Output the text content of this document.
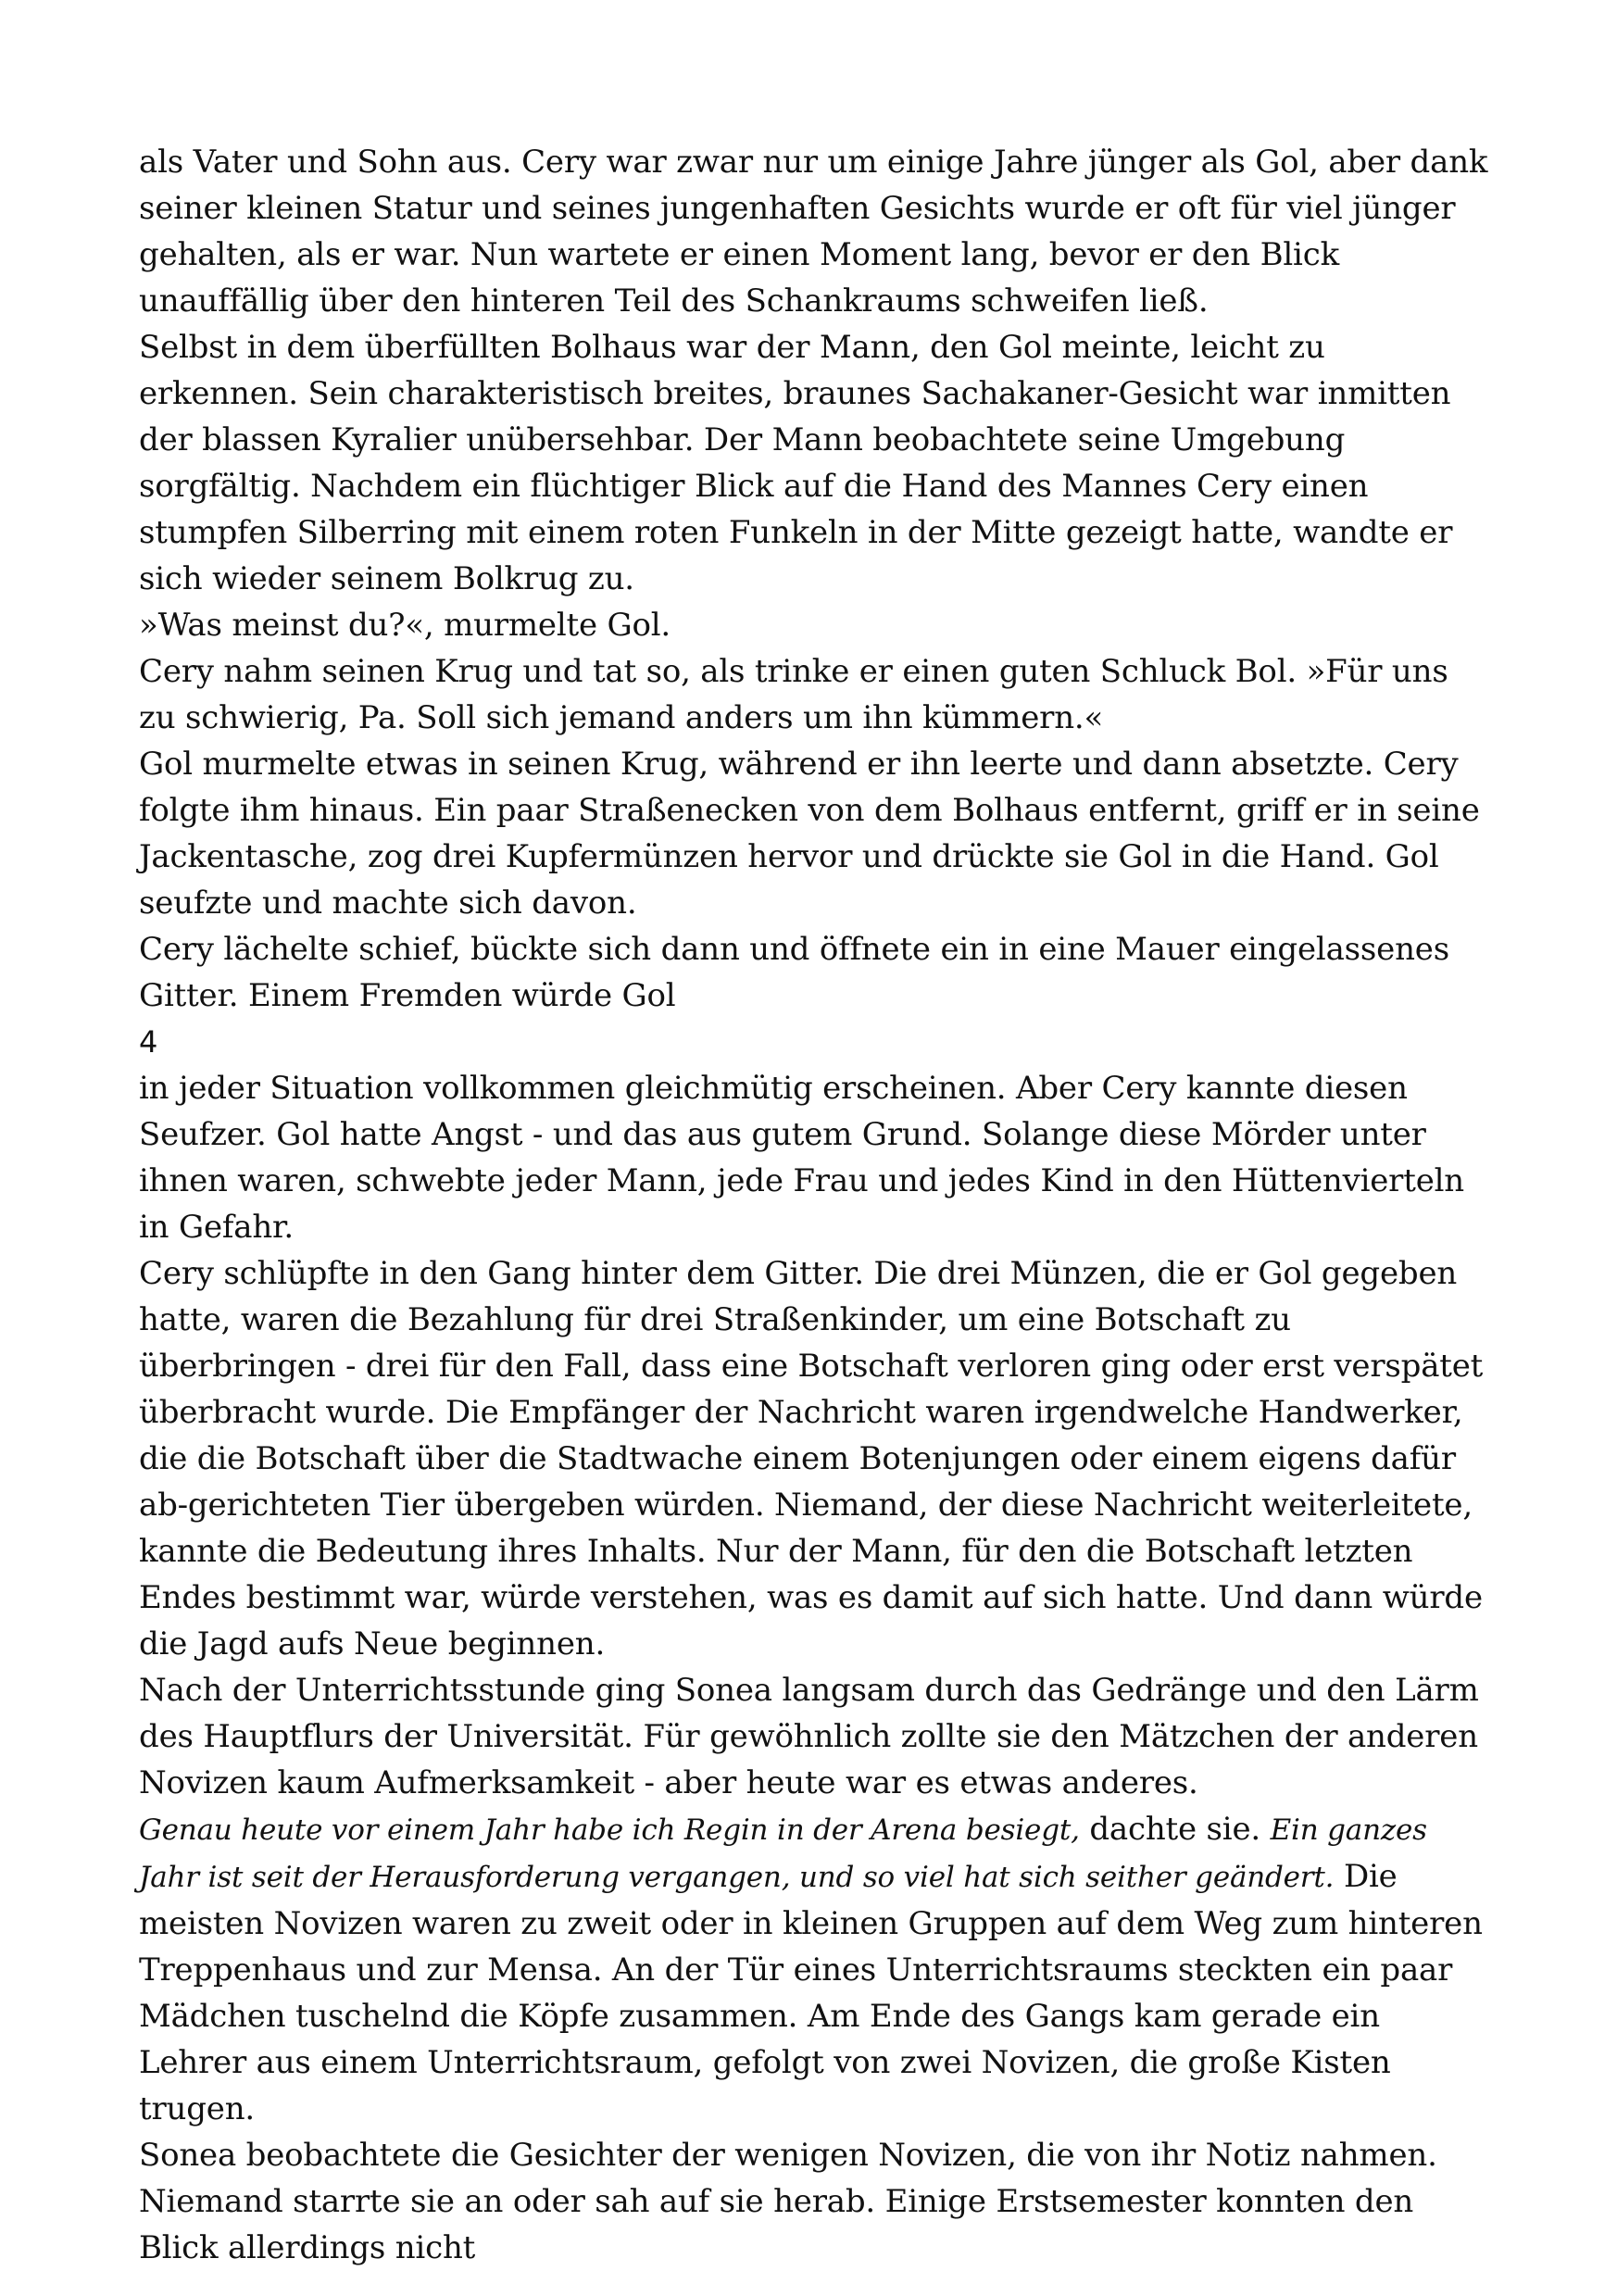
als Vater und Sohn aus. Cery war zwar nur um einige Jahre jünger als Gol, aber dank seiner kleinen Statur und seines jungenhaften Gesichts wurde er oft für viel jünger gehalten, als er war. Nun wartete er einen Moment lang, bevor er den Blick unauffällig über den hinteren Teil des Schankraums schweifen ließ.

Selbst in dem überfüllten Bolhaus war der Mann, den Gol meinte, leicht zu erkennen. Sein charakteristisch breites, braunes Sachakaner-Gesicht war inmitten der blassen Kyralier unübersehbar. Der Mann beobachtete seine Umgebung sorgfältig. Nachdem ein flüchtiger Blick auf die Hand des Mannes Cery einen stumpfen Silberring mit einem roten Funkeln in der Mitte gezeigt hatte, wandte er sich wieder seinem Bolkrug zu.

»Was meinst du?«, murmelte Gol.

Cery nahm seinen Krug und tat so, als trinke er einen guten Schluck Bol. »Für uns zu schwierig, Pa. Soll sich jemand anders um ihn kümmern.«

Gol murmelte etwas in seinen Krug, während er ihn leerte und dann absetzte. Cery folgte ihm hinaus. Ein paar Straßenecken von dem Bolhaus entfernt, griff er in seine Jackentasche, zog drei Kupfermünzen hervor und drückte sie Gol in die Hand. Gol seufzte und machte sich davon.

Cery lächelte schief, bückte sich dann und öffnete ein in eine Mauer eingelassenes Gitter. Einem Fremden würde Gol

4

in jeder Situation vollkommen gleichmütig erscheinen. Aber Cery kannte diesen Seufzer. Gol hatte Angst - und das aus gutem Grund. Solange diese Mörder unter ihnen waren, schwebte jeder Mann, jede Frau und jedes Kind in den Hüttenvierteln in Gefahr.

Cery schlüpfte in den Gang hinter dem Gitter. Die drei Münzen, die er Gol gegeben hatte, waren die Bezahlung für drei Straßenkinder, um eine Botschaft zu überbringen - drei für den Fall, dass eine Botschaft verloren ging oder erst verspätet überbracht wurde. Die Empfänger der Nachricht waren irgendwelche Handwerker, die die Botschaft über die Stadtwache einem Botenjungen oder einem eigens dafür ab-gerichteten Tier übergeben würden. Niemand, der diese Nachricht weiterleitete, kannte die Bedeutung ihres Inhalts. Nur der Mann, für den die Botschaft letzten Endes bestimmt war, würde verstehen, was es damit auf sich hatte. Und dann würde die Jagd aufs Neue beginnen.

Nach der Unterrichtsstunde ging Sonea langsam durch das Gedränge und den Lärm des Hauptflurs der Universität. Für gewöhnlich zollte sie den Mätzchen der anderen Novizen kaum Aufmerksamkeit - aber heute war es etwas anderes.

Genau heute vor einem Jahr habe ich Regin in der Arena besiegt, dachte sie. Ein ganzes Jahr ist seit der Herausforderung vergangen, und so viel hat sich seither geändert. Die meisten Novizen waren zu zweit oder in kleinen Gruppen auf dem Weg zum hinteren Treppenhaus und zur Mensa. An der Tür eines Unterrichtsraums steckten ein paar Mädchen tuschelnd die Köpfe zusammen. Am Ende des Gangs kam gerade ein Lehrer aus einem Unterrichtsraum, gefolgt von zwei Novizen, die große Kisten trugen.

Sonea beobachtete die Gesichter der wenigen Novizen, die von ihr Notiz nahmen. Niemand starrte sie an oder sah auf sie herab. Einige Erstsemester konnten den Blick allerdings nicht
